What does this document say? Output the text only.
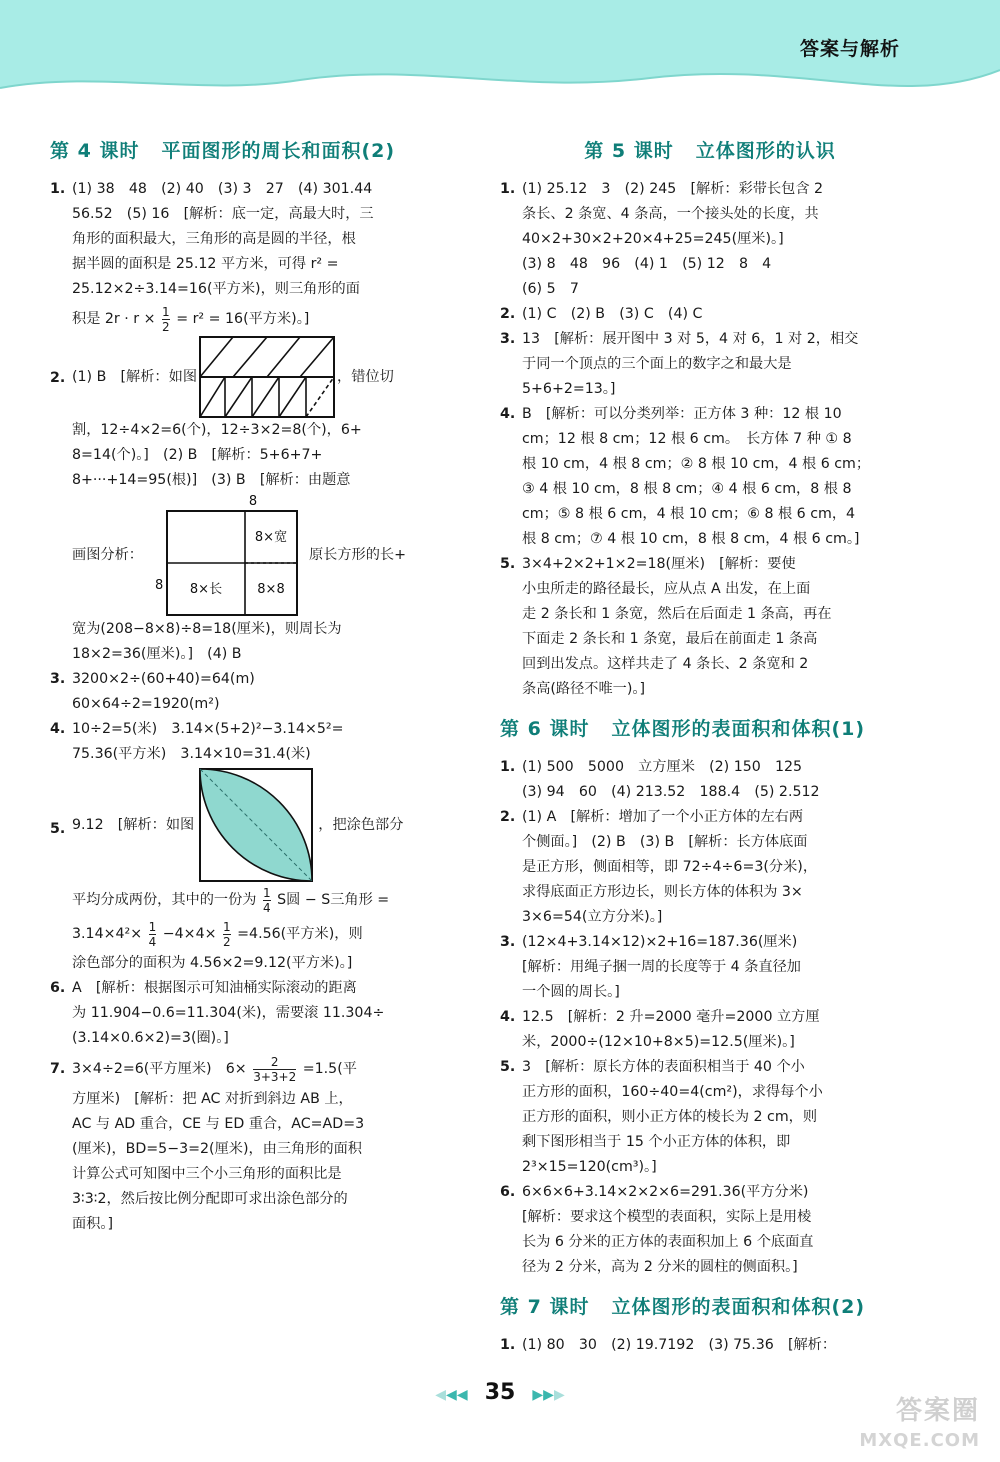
答案与解析
第 4 课时 平面图形的周长和面积(2)
1. (1) 38　48　(2) 40　(3) 3　27　(4) 301.44
56.52　(5) 16　[解析：底一定，高最大时，三
角形的面积最大，三角形的高是圆的半径，根
据半圆的面积是 25.12 平方米，可得 r² =
25.12×2÷3.14=16(平方米)，则三角形的面
积是 $2r \cdot r \times \frac{1}{2} = r^2 = 16$(平方米)。]
2. (1) B　[解析：如图	，错位切
割，12÷4×2=6(个)，12÷3×2=8(个)，6+
8=14(个)。]　(2) B　[解析：5+6+7+
8+···+14=95(根)]　(3) B　[解析：由题意
画图分析：
8
8
8×宽
8×长	8×8
原长方形的长+
宽为(208−8×8)÷8=18(厘米)，则周长为
18×2=36(厘米)。]　(4) B
3. 3200×2÷(60+40)=64(m)
60×64÷2=1920(m²)
4. 10÷2=5(米)　3.14×(5+2)²−3.14×5²=
75.36(平方米)　3.14×10=31.4(米)
5. 9.12　[解析：如图	，把涂色部分
平均分成两份，其中的一份为 $\frac{1}{4}$ S圆 − S三角形 =
$3.14\times 4^2\times \frac{1}{4} -4\times 4\times \frac{1}{2} =4.56$(平方米)，则
涂色部分的面积为 4.56×2=9.12(平方米)。]
6. A　[解析：根据图示可知油桶实际滚动的距离
为 11.904−0.6=11.304(米)，需要滚 11.304÷
(3.14×0.6×2)=3(圈)。]
7. 3×4÷2=6(平方厘米)　$6\times \frac{2}{3+3+2} =1.5$(平
方厘米)　[解析：把 AC 对折到斜边 AB 上，
AC 与 AD 重合，CE 与 ED 重合，AC=AD=3
(厘米)，BD=5−3=2(厘米)，由三角形的面积
计算公式可知图中三个小三角形的面积比是
3∶3∶2，然后按比例分配即可求出涂色部分的
面积。]
第 5 课时 立体图形的认识
1. (1) 25.12　3　(2) 245　[解析：彩带长包含 2
条长、2 条宽、4 条高，一个接头处的长度，共
40×2+30×2+20×4+25=245(厘米)。]
(3) 8　48　96　(4) 1　(5) 12　8　4
(6) 5　7
2. (1) C　(2) B　(3) C　(4) C
3. 13　[解析：展开图中 3 对 5，4 对 6，1 对 2，相交
于同一个顶点的三个面上的数字之和最大是
5+6+2=13。]
4. B　[解析：可以分类列举：正方体 3 种：12 根 10
cm；12 根 8 cm；12 根 6 cm。　长方体 7 种 ① 8
根 10 cm，4 根 8 cm；② 8 根 10 cm，4 根 6 cm；
③ 4 根 10 cm，8 根 8 cm；④ 4 根 6 cm，8 根 8
cm；⑤ 8 根 6 cm，4 根 10 cm；⑥ 8 根 6 cm，4
根 8 cm；⑦ 4 根 10 cm，8 根 8 cm，4 根 6 cm。]
5. 3×4+2×2+1×2=18(厘米)　[解析：要使
小虫所走的路径最长，应从点 A 出发，在上面
走 2 条长和 1 条宽，然后在后面走 1 条高，再在
下面走 2 条长和 1 条宽，最后在前面走 1 条高
回到出发点。这样共走了 4 条长、2 条宽和 2
条高(路径不唯一)。]
第 6 课时 立体图形的表面积和体积(1)
1. (1) 500　5000　立方厘米　(2) 150　125
(3) 94　60　(4) 213.52　188.4　(5) 2.512
2. (1) A　[解析：增加了一个小正方体的左右两
个侧面。]　(2) B　(3) B　[解析：长方体底面
是正方形，侧面相等，即 72÷4÷6=3(分米)，
求得底面正方形边长，则长方体的体积为 3×
3×6=54(立方分米)。]
3. (12×4+3.14×12)×2+16=187.36(厘米)
[解析：用绳子捆一周的长度等于 4 条直径加
一个圆的周长。]
4. 12.5　[解析：2 升=2000 毫升=2000 立方厘
米，2000÷(12×10+8×5)=12.5(厘米)。]
5. 3　[解析：原长方体的表面积相当于 40 个小
正方形的面积，160÷40=4(cm²)，求得每个小
正方形的面积，则小正方体的棱长为 2 cm，则
剩下图形相当于 15 个小正方体的体积，即
2³×15=120(cm³)。]
6. 6×6×6+3.14×2×2×6=291.36(平方分米)
[解析：要求这个模型的表面积，实际上是用棱
长为 6 分米的正方体的表面积加上 6 个底面直
径为 2 分米，高为 2 分米的圆柱的侧面积。]
第 7 课时 立体图形的表面积和体积(2)
1. (1) 80　30　(2) 19.7192　(3) 75.36　[解析：
◀◀◀ 35 ▶▶▶
答案圈
MXQE.COM
